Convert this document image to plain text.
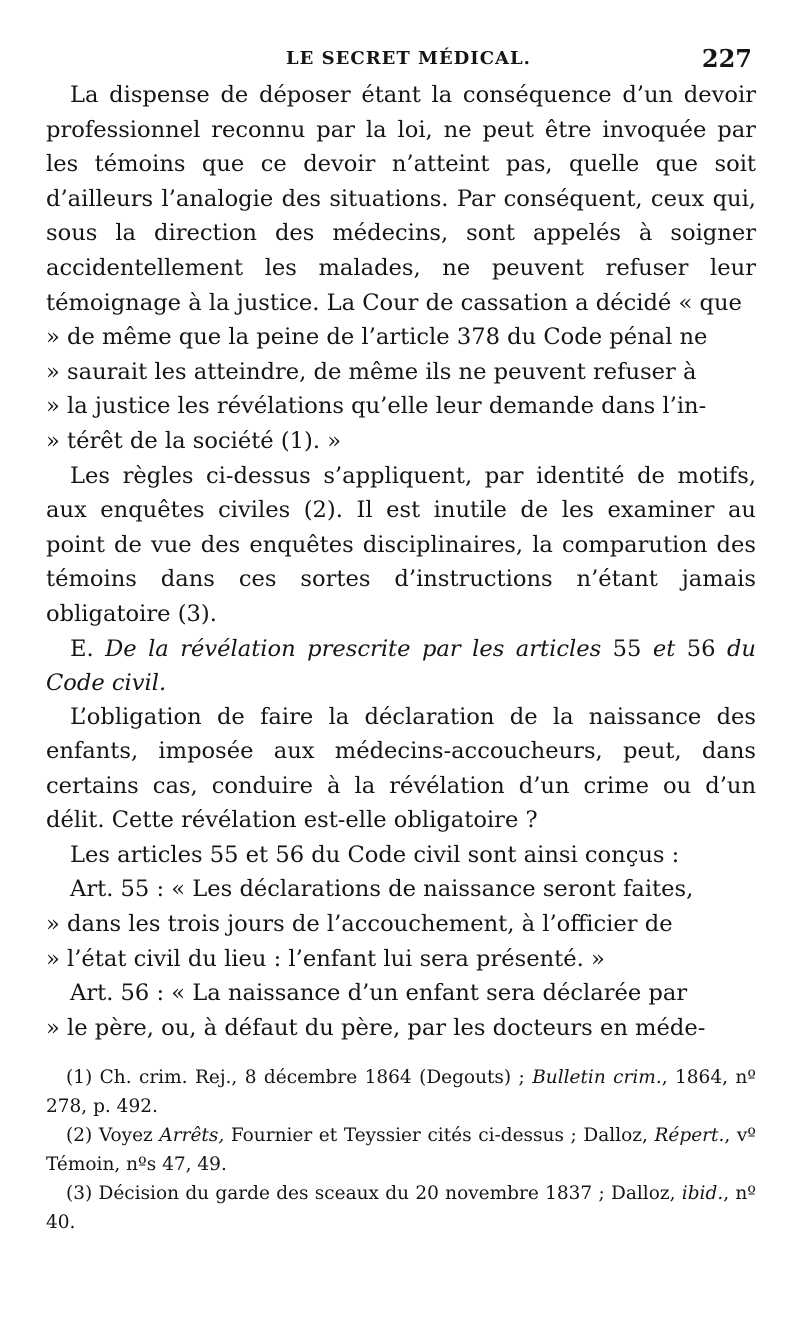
LE SECRET MÉDICAL.	227

La dispense de déposer étant la conséquence d’un devoir professionnel reconnu par la loi, ne peut être invoquée par les témoins que ce devoir n’atteint pas, quelle que soit d’ailleurs l’analogie des situations. Par conséquent, ceux qui, sous la direction des médecins, sont appelés à soigner accidentellement les malades, ne peuvent refuser leur témoignage à la justice. La Cour de cassation a décidé « que

» de même que la peine de l’article 378 du Code pénal ne

» saurait les atteindre, de même ils ne peuvent refuser à

» la justice les révélations qu’elle leur demande dans l’in-

» térêt de la société (1). »

Les règles ci-dessus s’appliquent, par identité de motifs, aux enquêtes civiles (2). Il est inutile de les examiner au point de vue des enquêtes disciplinaires, la comparution des témoins dans ces sortes d’instructions n’étant jamais obligatoire (3).

E. De la révélation prescrite par les articles 55 et 56 du Code civil.

L’obligation de faire la déclaration de la naissance des enfants, imposée aux médecins-accoucheurs, peut, dans certains cas, conduire à la révélation d’un crime ou d’un délit. Cette révélation est-elle obligatoire ?

Les articles 55 et 56 du Code civil sont ainsi conçus :

Art. 55 : « Les déclarations de naissance seront faites,

» dans les trois jours de l’accouchement, à l’officier de

» l’état civil du lieu : l’enfant lui sera présenté. »

Art. 56 : « La naissance d’un enfant sera déclarée par

» le père, ou, à défaut du père, par les docteurs en méde-

(1) Ch. crim. Rej., 8 décembre 1864 (Degouts) ; Bulletin crim., 1864, nº 278, p. 492.

(2) Voyez Arrêts, Fournier et Teyssier cités ci-dessus ; Dalloz, Répert., vº Témoin, nºs 47, 49.

(3) Décision du garde des sceaux du 20 novembre 1837 ; Dalloz, ibid., nº 40.
